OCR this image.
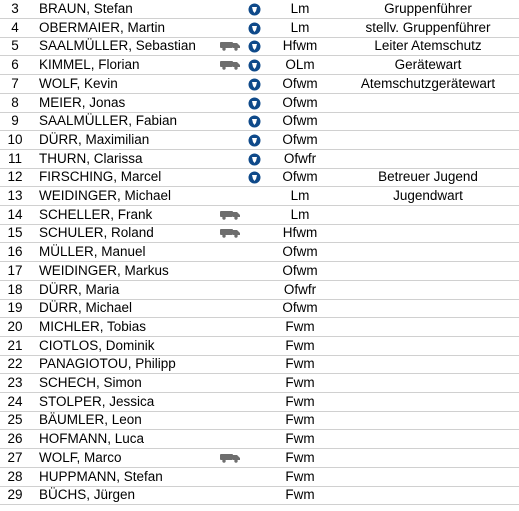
3	BRAUN, Stefan	Lm	Gruppenführer
4	OBERMAIER, Martin	Lm	stellv. Gruppenführer
5	SAALMÜLLER, Sebastian	Hfwm	Leiter Atemschutz
6	KIMMEL, Florian	OLm	Gerätewart
7	WOLF, Kevin	Ofwm	Atemschutzgerätewart
8	MEIER, Jonas	Ofwm
9	SAALMÜLLER, Fabian	Ofwm
10	DÜRR, Maximilian	Ofwm
11	THURN, Clarissa	Ofwfr
12	FIRSCHING, Marcel	Ofwm	Betreuer Jugend
13	WEIDINGER, Michael	Lm	Jugendwart
14	SCHELLER, Frank	Lm
15	SCHULER, Roland	Hfwm
16	MÜLLER, Manuel	Ofwm
17	WEIDINGER, Markus	Ofwm
18	DÜRR, Maria	Ofwfr
19	DÜRR, Michael	Ofwm
20	MICHLER, Tobias	Fwm
21	CIOTLOS, Dominik	Fwm
22	PANAGIOTOU, Philipp	Fwm
23	SCHECH, Simon	Fwm
24	STOLPER, Jessica	Fwm
25	BÄUMLER, Leon	Fwm
26	HOFMANN, Luca	Fwm
27	WOLF, Marco	Fwm
28	HUPPMANN, Stefan	Fwm
29	BÜCHS, Jürgen	Fwm
